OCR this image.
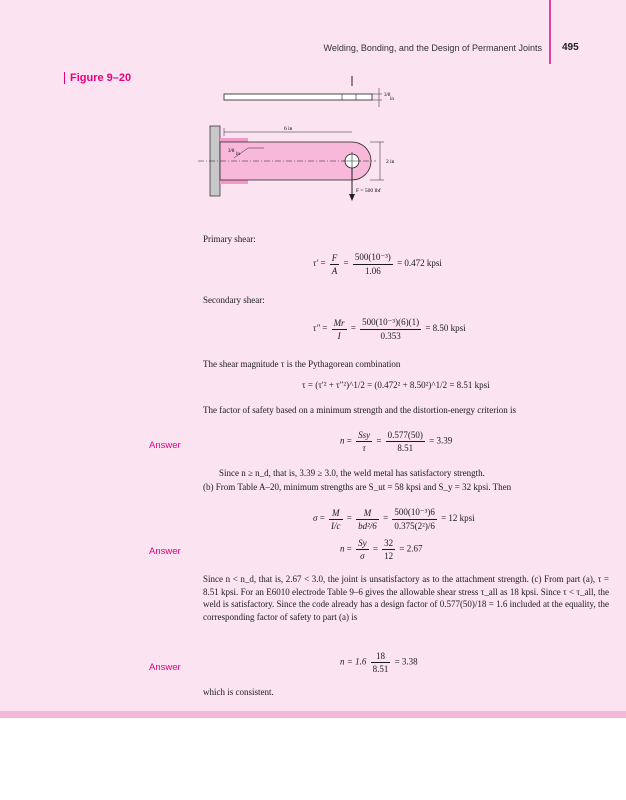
Welding, Bonding, and the Design of Permanent Joints 495
Figure 9–20
3/8
in
6 in
2 in
3/8
in
F = 500 lbf
Primary shear:
$\tau' = \frac{F}{A} = \frac{\text{500(10⁻³)}}{1.06} = 0.472$ kpsi
Secondary shear:
$\tau'' = \frac{Mr}{I} = \frac{\text{500(10⁻³)(6)(1)}}{0.353} = 8.50$ kpsi
The shear magnitude τ is the Pythagorean combination
τ = (τ′² + τ″²)^1/2 = (0.472² + 8.50²)^1/2 = 8.51 kpsi
The factor of safety based on a minimum strength and the distortion-energy criterion is
Answer	$n = \frac{\text{Ssy}}{\tau} = \frac{0.577(50)}{8.51} = 3.39$
Since n ≥ n_d, that is, 3.39 ≥ 3.0, the weld metal has satisfactory strength.
(b) From Table A–20, minimum strengths are S_ut = 58 kpsi and S_y = 32 kpsi. Then
$\sigma = \frac{M}{I/c} = \frac{M}{\text{bd²/6}} = \frac{\text{500(10⁻³)6}}{\text{0.375(2²)/6}} = 12$ kpsi
Answer	$n = \frac{Sy}{\sigma} = \frac{32}{12} = 2.67$
Since n < n_d, that is, 2.67 < 3.0, the joint is unsatisfactory as to the attachment strength. (c) From part (a), τ = 8.51 kpsi. For an E6010 electrode Table 9–6 gives the allowable shear stress τ_all as 18 kpsi. Since τ < τ_all, the weld is satisfactory. Since the code already has a design factor of 0.577(50)/18 = 1.6 included at the equality, the corresponding factor of safety to part (a) is
Answer
$n = 1.6 \frac{18}{8.51} = 3.38$
which is consistent.
